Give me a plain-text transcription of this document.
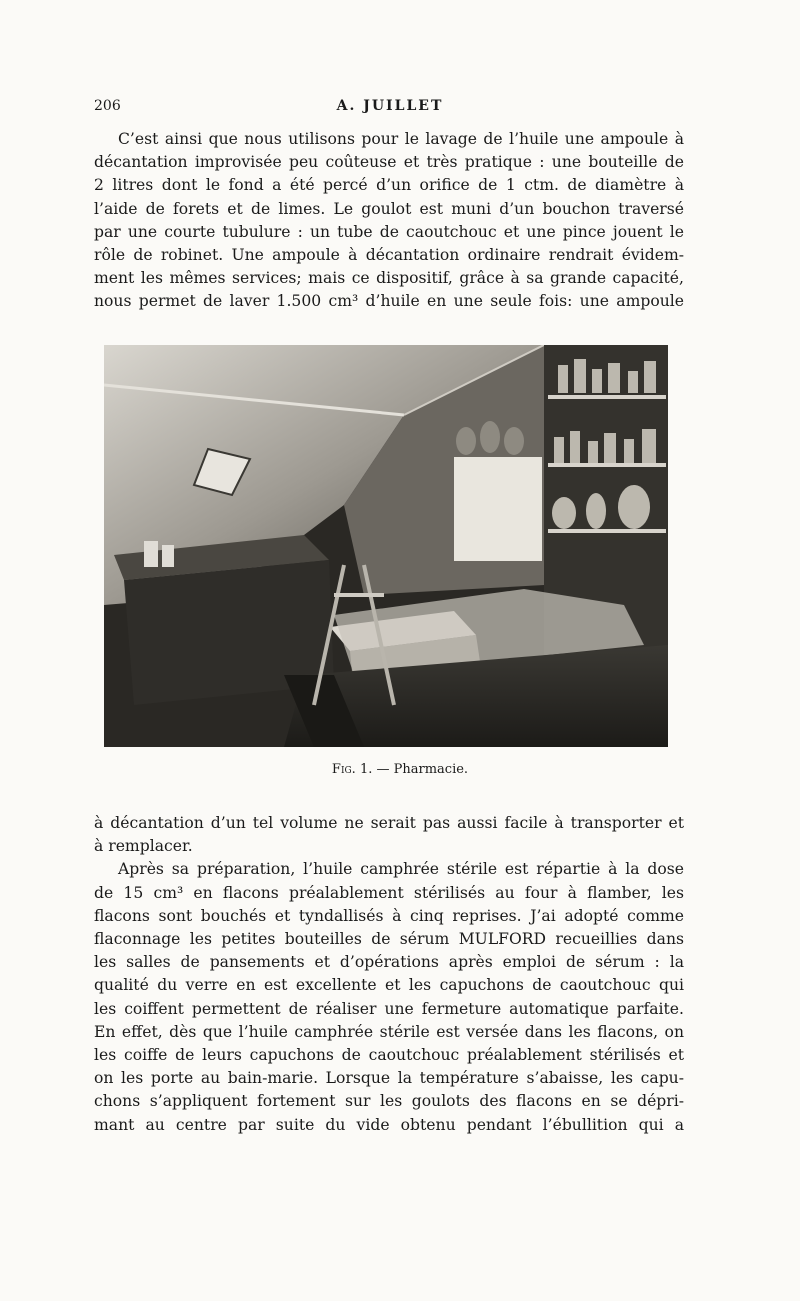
206	A. JUILLET

C’est ainsi que nous utilisons pour le lavage de l’huile une ampoule à

décantation improvisée peu coûteuse et très pratique : une bouteille de

2 litres dont le fond a été percé d’un orifice de 1 ctm. de diamètre à

l’aide de forets et de limes. Le goulot est muni d’un bouchon traversé

par une courte tubulure : un tube de caoutchouc et une pince jouent le

rôle de robinet. Une ampoule à décantation ordinaire rendrait évidem-

ment les mêmes services; mais ce dispositif, grâce à sa grande capacité,

nous permet de laver 1.500 cm³ d’huile en une seule fois: une ampoule

Fig. 1. — Pharmacie.

à décantation d’un tel volume ne serait pas aussi facile à transporter et

à remplacer.

Après sa préparation, l’huile camphrée stérile est répartie à la dose

de 15 cm³ en flacons préalablement stérilisés au four à flamber, les

flacons sont bouchés et tyndallisés à cinq reprises. J’ai adopté comme

flaconnage les petites bouteilles de sérum MULFORD recueillies dans

les salles de pansements et d’opérations après emploi de sérum : la

qualité du verre en est excellente et les capuchons de caoutchouc qui

les coiffent permettent de réaliser une fermeture automatique parfaite.

En effet, dès que l’huile camphrée stérile est versée dans les flacons, on

les coiffe de leurs capuchons de caoutchouc préalablement stérilisés et

on les porte au bain-marie. Lorsque la température s’abaisse, les capu-

chons s’appliquent fortement sur les goulots des flacons en se dépri-

mant au centre par suite du vide obtenu pendant l’ébullition qui a
